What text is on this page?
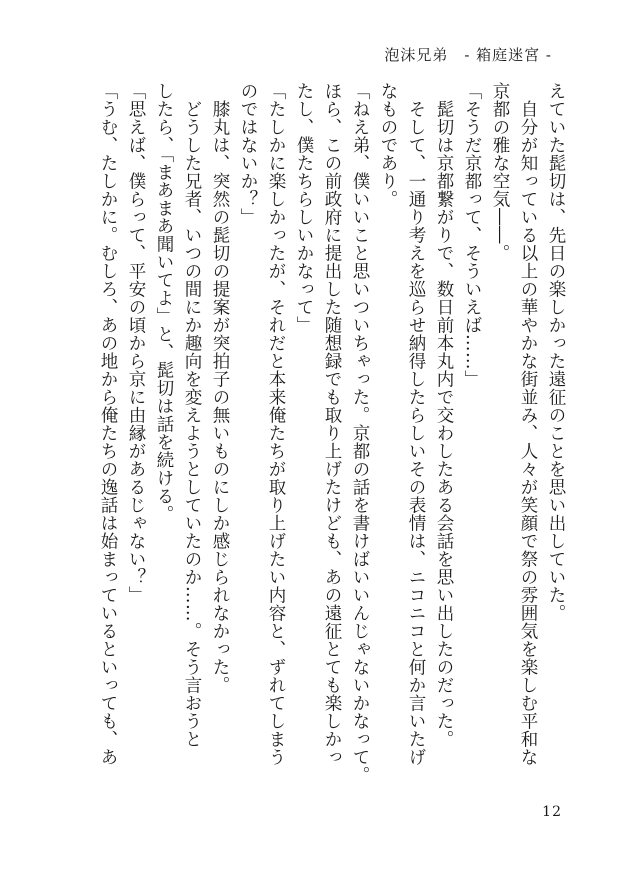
泡沫兄弟　- 箱庭迷宮 -
えていた髭切は、先日の楽しかった遠征のことを思い出していた。
　自分が知っている以上の華やかな街並み、人々が笑顔で祭の雰囲気を楽しむ平和な
京都の雅な空気――。
「そうだ京都って、そういえば……」
　髭切は京都繋がりで、数日前本丸内で交わしたある会話を思い出したのだった。
　そして、一通り考えを巡らせ納得したらしいその表情は、ニコニコと何か言いたげ
なものであり。
「ねえ弟、僕いいこと思いついちゃった。京都の話を書けばいいんじゃないかなって。
ほら、この前政府に提出した随想録でも取り上げたけども、あの遠征とても楽しかっ
たし、僕たちらしいかなって」
「たしかに楽しかったが、それだと本来俺たちが取り上げたい内容と、ずれてしまう
のではないか？」
　膝丸は、突然の髭切の提案が突拍子の無いものにしか感じられなかった。
　どうした兄者、いつの間にか趣向を変えようとしていたのか……。そう言おうと
したら、「まあまあ聞いてよ」と、髭切は話を続ける。
「思えば、僕らって、平安の頃から京に由縁があるじゃない？」
「うむ、たしかに。むしろ、あの地から俺たちの逸話は始まっているといっても、あ
12
